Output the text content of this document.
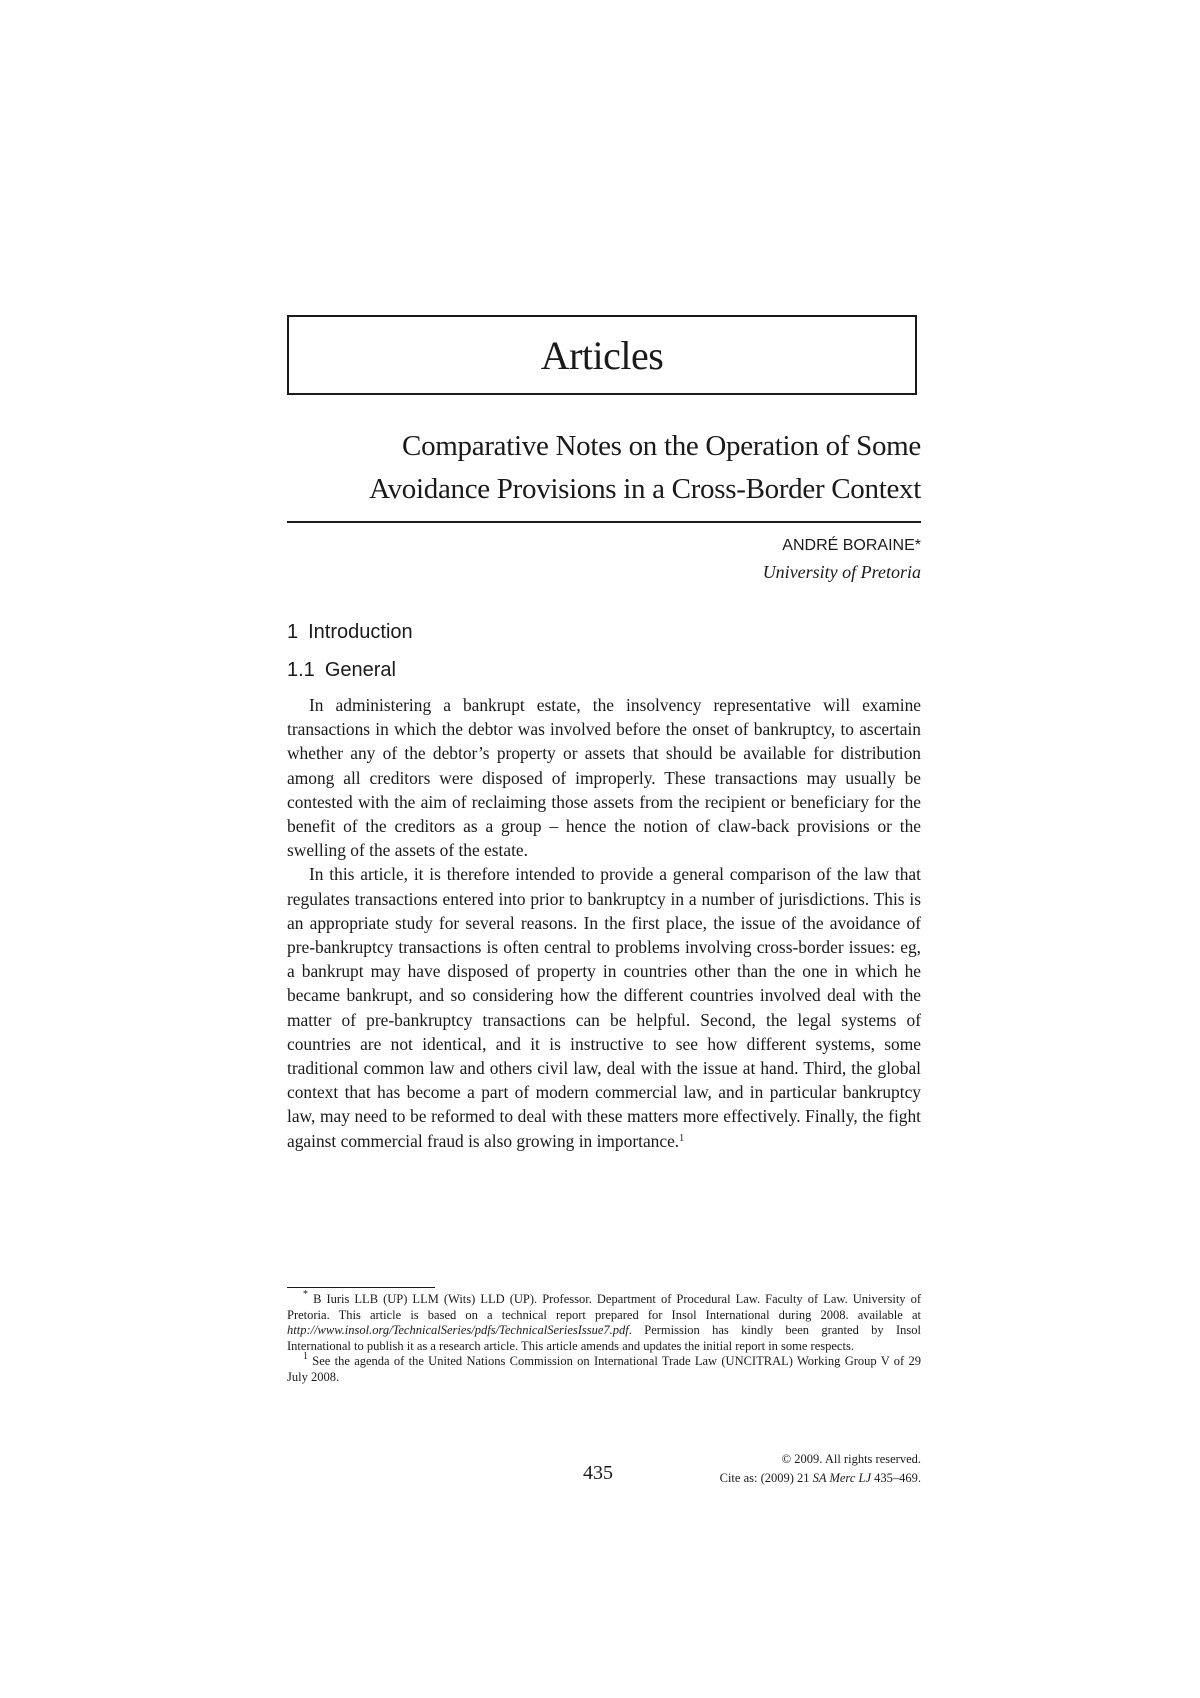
Articles
Comparative Notes on the Operation of Some
Avoidance Provisions in a Cross-Border Context
ANDRÉ BORAINE*
University of Pretoria
1 Introduction
1.1 General

In administering a bankrupt estate, the insolvency representative will examine transactions in which the debtor was involved before the onset of bankruptcy, to ascertain whether any of the debtor’s property or assets that should be available for distribution among all creditors were disposed of improperly. These transactions may usually be contested with the aim of reclaiming those assets from the recipient or beneficiary for the benefit of the creditors as a group – hence the notion of claw-back provisions or the swelling of the assets of the estate.

In this article, it is therefore intended to provide a general comparison of the law that regulates transactions entered into prior to bankruptcy in a number of jurisdictions. This is an appropriate study for several reasons. In the first place, the issue of the avoidance of pre-bankruptcy transactions is often central to problems involving cross-border issues: eg, a bankrupt may have disposed of property in countries other than the one in which he became bankrupt, and so considering how the different countries involved deal with the matter of pre-bankruptcy transactions can be helpful. Second, the legal systems of countries are not identical, and it is instructive to see how different systems, some traditional common law and others civil law, deal with the issue at hand. Third, the global context that has become a part of modern commercial law, and in particular bankruptcy law, may need to be reformed to deal with these matters more effectively. Finally, the fight against commercial fraud is also growing in importance.$^1$

* B Iuris LLB (UP) LLM (Wits) LLD (UP). Professor. Department of Procedural Law. Faculty of Law. University of Pretoria. This article is based on a technical report prepared for Insol International during 2008. available at http://www.insol.org/TechnicalSeries/pdfs/TechnicalSeriesIssue7.pdf. Permission has kindly been granted by Insol International to publish it as a research article. This article amends and updates the initial report in some respects.

$^1$ See the agenda of the United Nations Commission on International Trade Law (UNCITRAL) Working Group V of 29 July 2008.

435
© 2009. All rights reserved.
Cite as: (2009) 21 SA Merc LJ 435–469.
